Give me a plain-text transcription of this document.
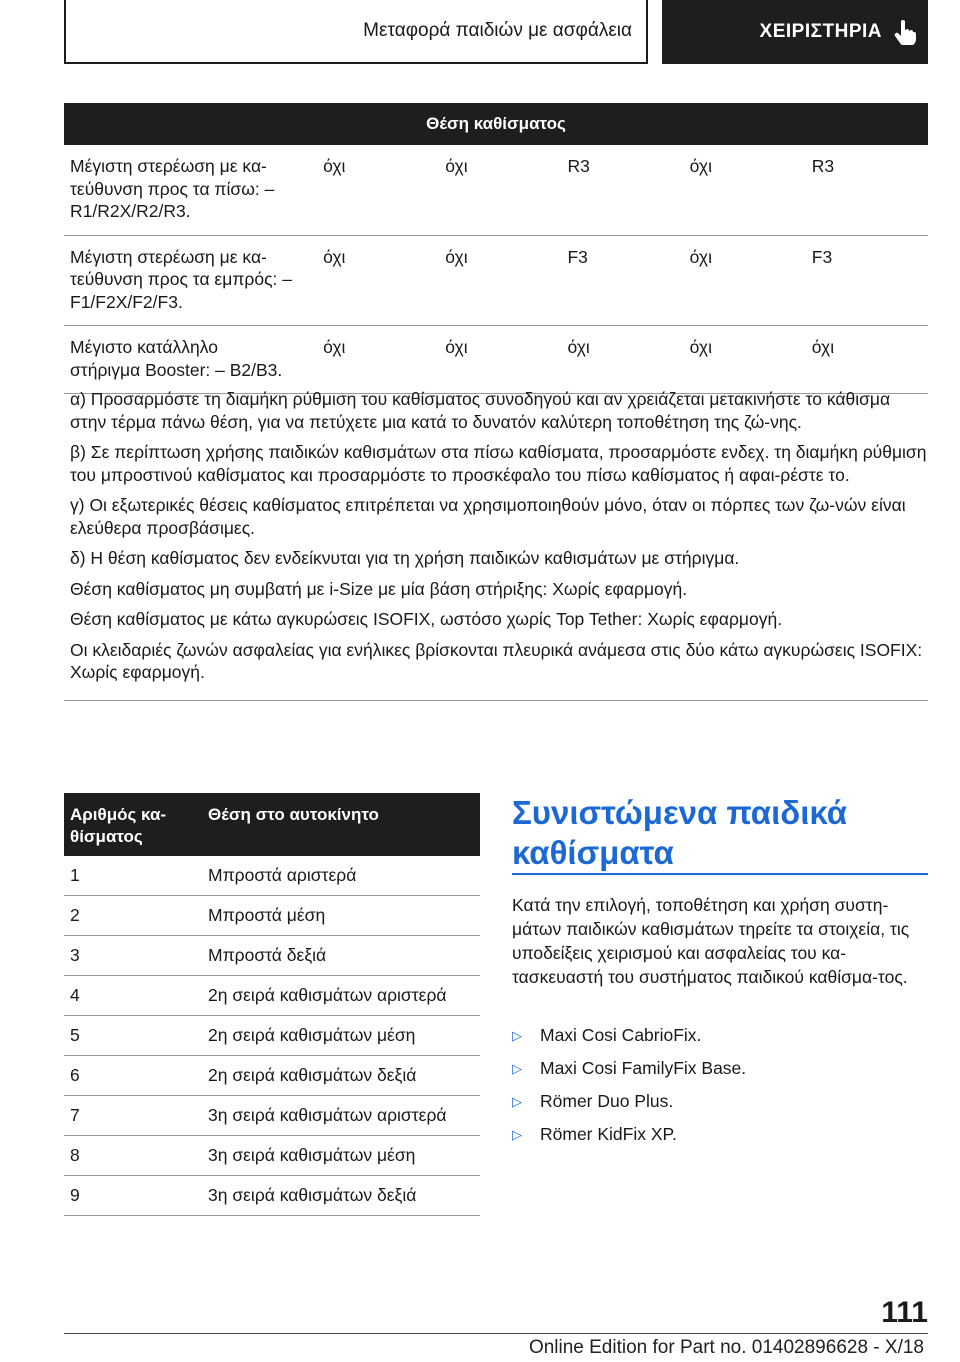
Μεταφορά παιδιών με ασφάλεια	ΧΕΙΡΙΣΤΗΡΙΑ
Θέση καθίσματος					
Μέγιστη στερέωση με κα-
τεύθυνση προς τα πίσω: –
R1/R2X/R2/R3.	όχι	όχι	R3	όχι	R3
Μέγιστη στερέωση με κα-
τεύθυνση προς τα εμπρός: –
F1/F2X/F2/F3.	όχι	όχι	F3	όχι	F3
Μέγιστο κατάλληλο
στήριγμα Booster: – B2/B3.	όχι	όχι	όχι	όχι	όχι

α) Προσαρμόστε τη διαμήκη ρύθμιση του καθίσματος συνοδηγού και αν χρειάζεται μετακινήστε το κάθισμα στην τέρμα πάνω θέση, για να πετύχετε μια κατά το δυνατόν καλύτερη τοποθέτηση της ζώ-νης.

β) Σε περίπτωση χρήσης παιδικών καθισμάτων στα πίσω καθίσματα, προσαρμόστε ενδεχ. τη διαμήκη ρύθμιση του μπροστινού καθίσματος και προσαρμόστε το προσκέφαλο του πίσω καθίσματος ή αφαι-ρέστε το.

γ) Οι εξωτερικές θέσεις καθίσματος επιτρέπεται να χρησιμοποιηθούν μόνο, όταν οι πόρπες των ζω-νών είναι ελεύθερα προσβάσιμες.

δ) Η θέση καθίσματος δεν ενδείκνυται για τη χρήση παιδικών καθισμάτων με στήριγμα.

Θέση καθίσματος μη συμβατή με i-Size με μία βάση στήριξης: Χωρίς εφαρμογή.

Θέση καθίσματος με κάτω αγκυρώσεις ISOFIX, ωστόσο χωρίς Top Tether: Χωρίς εφαρμογή.

Οι κλειδαριές ζωνών ασφαλείας για ενήλικες βρίσκονται πλευρικά ανάμεσα στις δύο κάτω αγκυρώσεις ISOFIX: Χωρίς εφαρμογή.

Αριθμός κα-
θίσματος	Θέση στο αυτοκίνητο
1	Μπροστά αριστερά
2	Μπροστά μέση
3	Μπροστά δεξιά
4	2η σειρά καθισμάτων αριστερά
5	2η σειρά καθισμάτων μέση
6	2η σειρά καθισμάτων δεξιά
7	3η σειρά καθισμάτων αριστερά
8	3η σειρά καθισμάτων μέση
9	3η σειρά καθισμάτων δεξιά
Συνιστώμενα παιδικά καθίσματα
Κατά την επιλογή, τοποθέτηση και χρήση συστη-μάτων παιδικών καθισμάτων τηρείτε τα στοιχεία, τις υποδείξεις χειρισμού και ασφαλείας του κα-τασκευαστή του συστήματος παιδικού καθίσμα-τος.
▷	Maxi Cosi CabrioFix.
▷	Maxi Cosi FamilyFix Base.
▷	Römer Duo Plus.
▷	Römer KidFix XP.
111
Online Edition for Part no. 01402896628 - X/18
